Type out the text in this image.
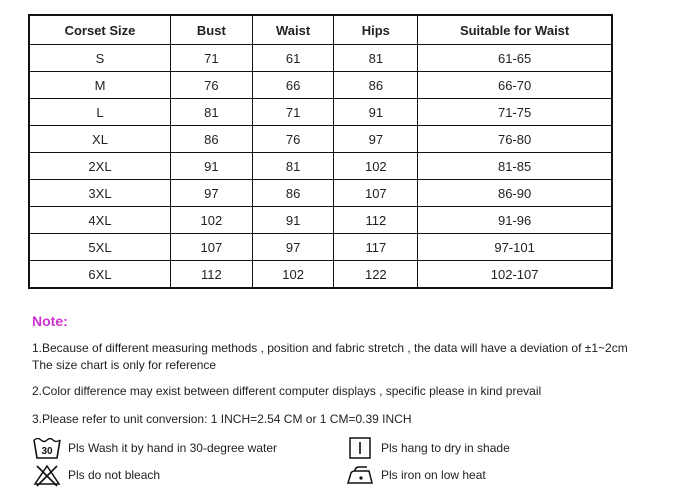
Corset Size	Bust	Waist	Hips	Suitable for Waist
S	71	61	81	61-65
M	76	66	86	66-70
L	81	71	91	71-75
XL	86	76	97	76-80
2XL	91	81	102	81-85
3XL	97	86	107	86-90
4XL	102	91	112	91-96
5XL	107	97	117	97-101
6XL	112	102	122	102-107
Note:
1.Because of different measuring methods , position and fabric stretch , the data will have a deviation of ±1~2cm
The size chart is only for reference
2.Color difference may exist between different computer displays , specific please in kind prevail
3.Please refer to unit conversion: 1 INCH=2.54 CM or 1 CM=0.39 INCH
30 Pls Wash it by hand in 30-degree water
Pls do not bleach
Pls hang to dry in shade
Pls iron on low heat
